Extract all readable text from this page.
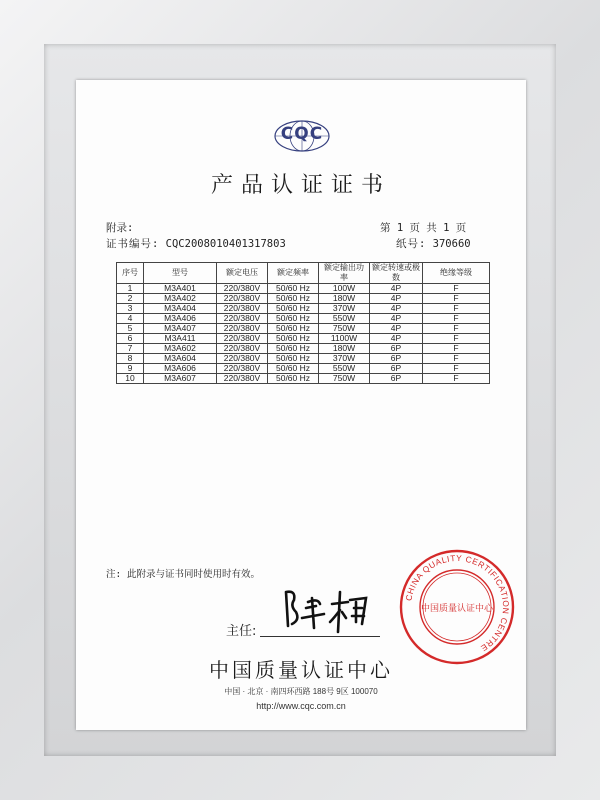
CQC
产品认证证书
附录:	第 1 页 共 1 页
证书编号: CQC2008010401317803	纸号: 370660
序号	型号	额定电压	额定频率	额定输出功率	额定转速或极数	绝缘等级
1	M3A401	220/380V	50/60 Hz	100W	4P	F
2	M3A402	220/380V	50/60 Hz	180W	4P	F
3	M3A404	220/380V	50/60 Hz	370W	4P	F
4	M3A406	220/380V	50/60 Hz	550W	4P	F
5	M3A407	220/380V	50/60 Hz	750W	4P	F
6	M3A411	220/380V	50/60 Hz	1100W	4P	F
7	M3A602	220/380V	50/60 Hz	180W	6P	F
8	M3A604	220/380V	50/60 Hz	370W	6P	F
9	M3A606	220/380V	50/60 Hz	550W	6P	F
10	M3A607	220/380V	50/60 Hz	750W	6P	F
注: 此附录与证书同时使用时有效。
主任:
中国质量认证中心
中国 · 北京 · 南四环西路 188号 9区 100070
http://www.cqc.com.cn
CHINA QUALITY CERTIFICATION CENTRE
中国质量认证中心
